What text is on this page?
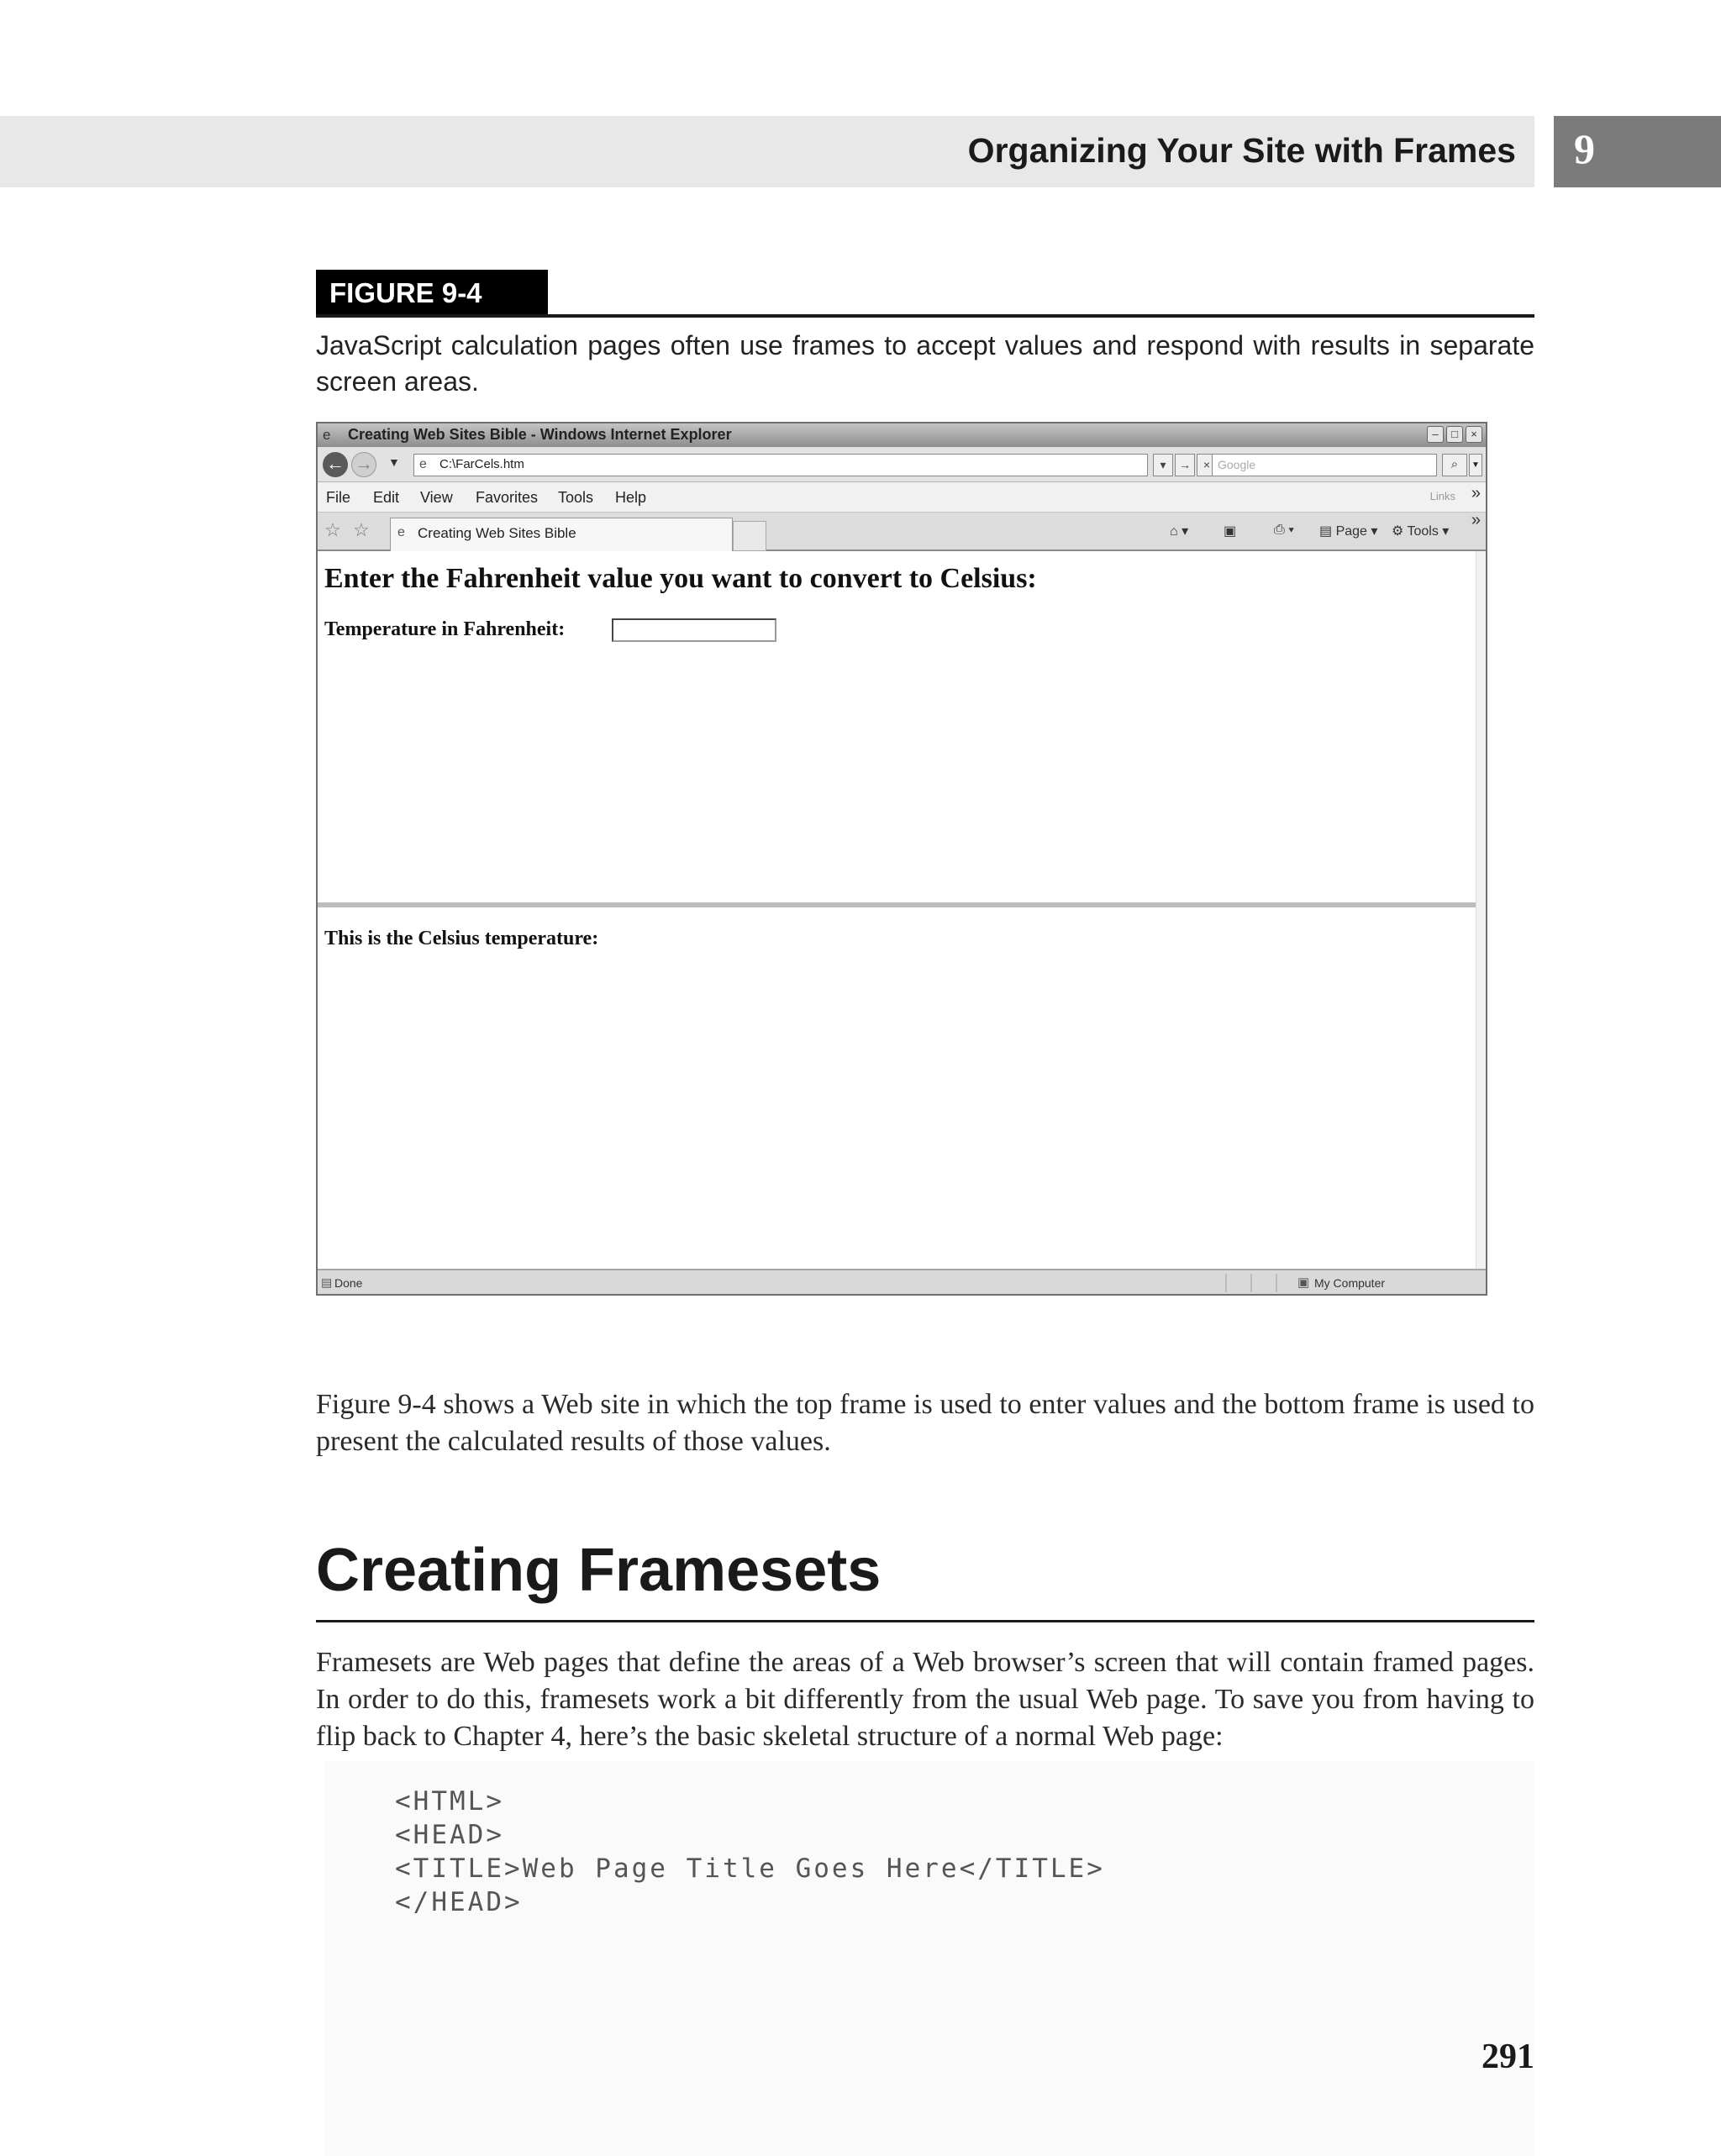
Organizing Your Site with Frames 9
FIGURE 9-4
JavaScript calculation pages often use frames to accept values and respond with results in separate screen areas.
e	Creating Web Sites Bible - Windows Internet Explorer	–	□	×
← → ▼ e C:\FarCels.htm	▾	→	× Google	⌕	▼
File Edit View Favorites Tools Help	Links »
☆ ☆ e Creating Web Sites Bible	⌂ ▾	▣	⎙ ▾ ▤ Page ▾ ⚙ Tools ▾
»
Enter the Fahrenheit value you want to convert to Celsius:
Temperature in Fahrenheit:
This is the Celsius temperature:
▤ Done	▣ My Computer

Figure 9-4 shows a Web site in which the top frame is used to enter values and the bottom frame is used to present the calculated results of those values.

Creating Framesets

Framesets are Web pages that define the areas of a Web browser’s screen that will contain framed pages. In order to do this, framesets work a bit differently from the usual Web page. To save you from having to flip back to Chapter 4, here’s the basic skeletal structure of a normal Web page:

<HTML>
<HEAD>
<TITLE>Web Page Title Goes Here</TITLE>
</HEAD>
291
